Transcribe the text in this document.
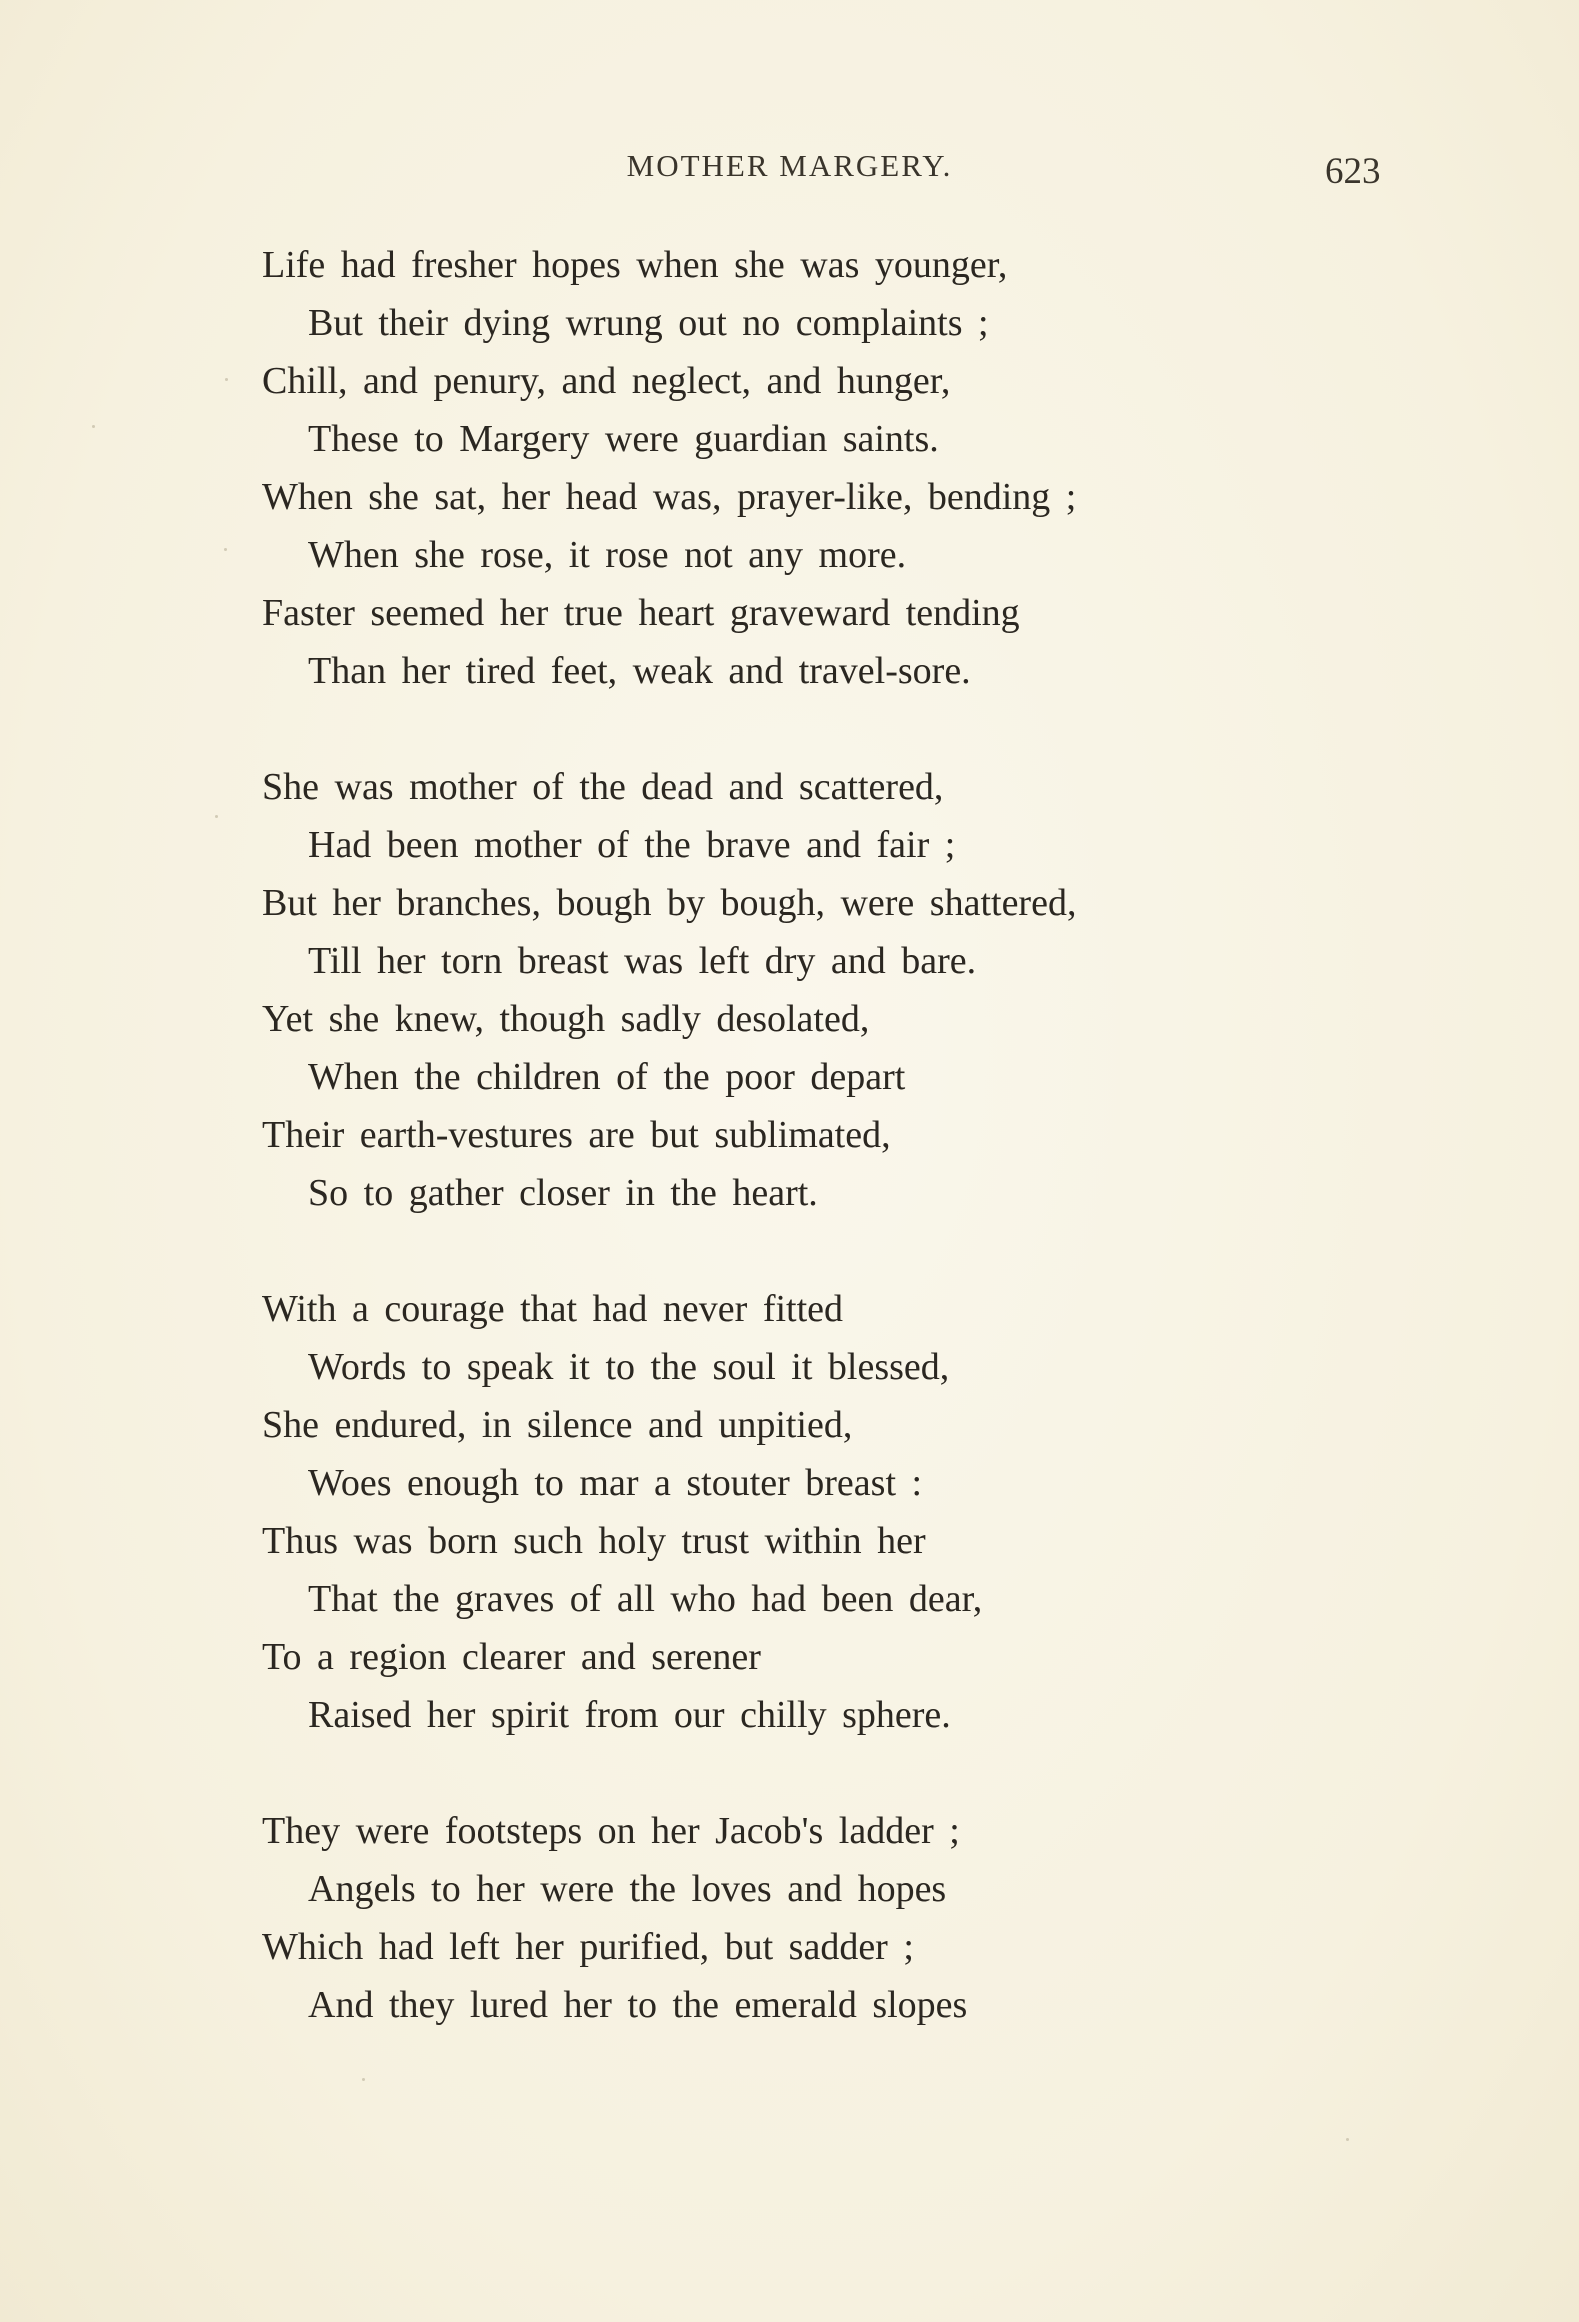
MOTHER MARGERY.	623
Life had fresher hopes when she was younger,
But their dying wrung out no complaints ;
Chill, and penury, and neglect, and hunger,
These to Margery were guardian saints.
When she sat, her head was, prayer-like, bending ;
When she rose, it rose not any more.
Faster seemed her true heart graveward tending
Than her tired feet, weak and travel-sore.
She was mother of the dead and scattered,
Had been mother of the brave and fair ;
But her branches, bough by bough, were shattered,
Till her torn breast was left dry and bare.
Yet she knew, though sadly desolated,
When the children of the poor depart
Their earth-vestures are but sublimated,
So to gather closer in the heart.
With a courage that had never fitted
Words to speak it to the soul it blessed,
She endured, in silence and unpitied,
Woes enough to mar a stouter breast :
Thus was born such holy trust within her
That the graves of all who had been dear,
To a region clearer and serener
Raised her spirit from our chilly sphere.
They were footsteps on her Jacob's ladder ;
Angels to her were the loves and hopes
Which had left her purified, but sadder ;
And they lured her to the emerald slopes
